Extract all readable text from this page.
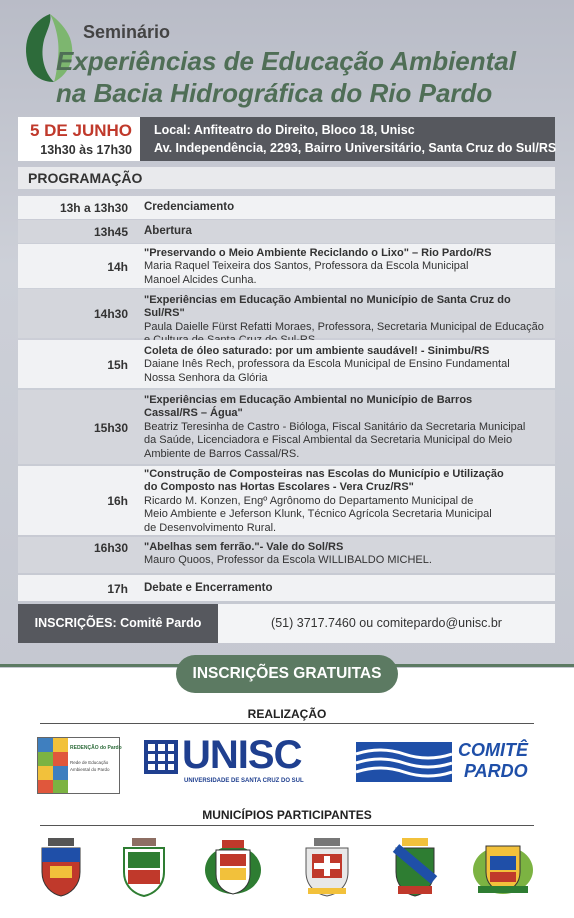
Seminário
Experiências de Educação Ambiental
na Bacia Hidrográfica do Rio Pardo
5 DE JUNHO
13h30 às 17h30
Local: Anfiteatro do Direito, Bloco 18, Unisc
Av. Independência, 2293, Bairro Universitário, Santa Cruz do Sul/RS
PROGRAMAÇÃO
13h a 13h30 Credenciamento
13h45 Abertura
14h
"Preservando o Meio Ambiente Reciclando o Lixo" – Rio Pardo/RS
Maria Raquel Teixeira dos Santos, Professora da Escola Municipal
Manoel Alcides Cunha.
14h30
"Experiências em Educação Ambiental no Município de Santa Cruz do Sul/RS"
Paula Daielle Fürst Refatti Moraes, Professora, Secretaria Municipal de Educação
15h
Coleta de óleo saturado: por um ambiente saudável! - Sinimbu/RS
Daiane Inês Rech, professora da Escola Municipal de Ensino Fundamental
Nossa Senhora da Glória
15h30
"Experiências em Educação Ambiental no Município de Barros
Cassal/RS – Água"
Beatriz Teresinha de Castro - Bióloga, Fiscal Sanitário da Secretaria Municipal
da Saúde, Licenciadora e Fiscal Ambiental da Secretaria Municipal do Meio
Ambiente de Barros Cassal/RS.
16h
"Construção de Composteiras nas Escolas do Município e Utilização
do Composto nas Hortas Escolares - Vera Cruz/RS"
Ricardo M. Konzen, Engº Agrônomo do Departamento Municipal de
Meio Ambiente e Jeferson Klunk, Técnico Agrícola Secretaria Municipal
de Desenvolvimento Rural.
16h30 "Abelhas sem ferrão."- Vale do Sol/RS
Mauro Quoos, Professor da Escola WILLIBALDO MICHEL.
17h Debate e Encerramento
INSCRIÇÕES: Comitê Pardo	(51) 3717.7460 ou comitepardo@unisc.br
INSCRIÇÕES GRATUITAS
REALIZAÇÃO
REDENÇÃO do Pardo
Rede de Educação
Ambiental do Pardo UNISC
UNIVERSIDADE DE SANTA CRUZ DO SUL
COMITÊ
PARDO
MUNICÍPIOS PARTICIPANTES
